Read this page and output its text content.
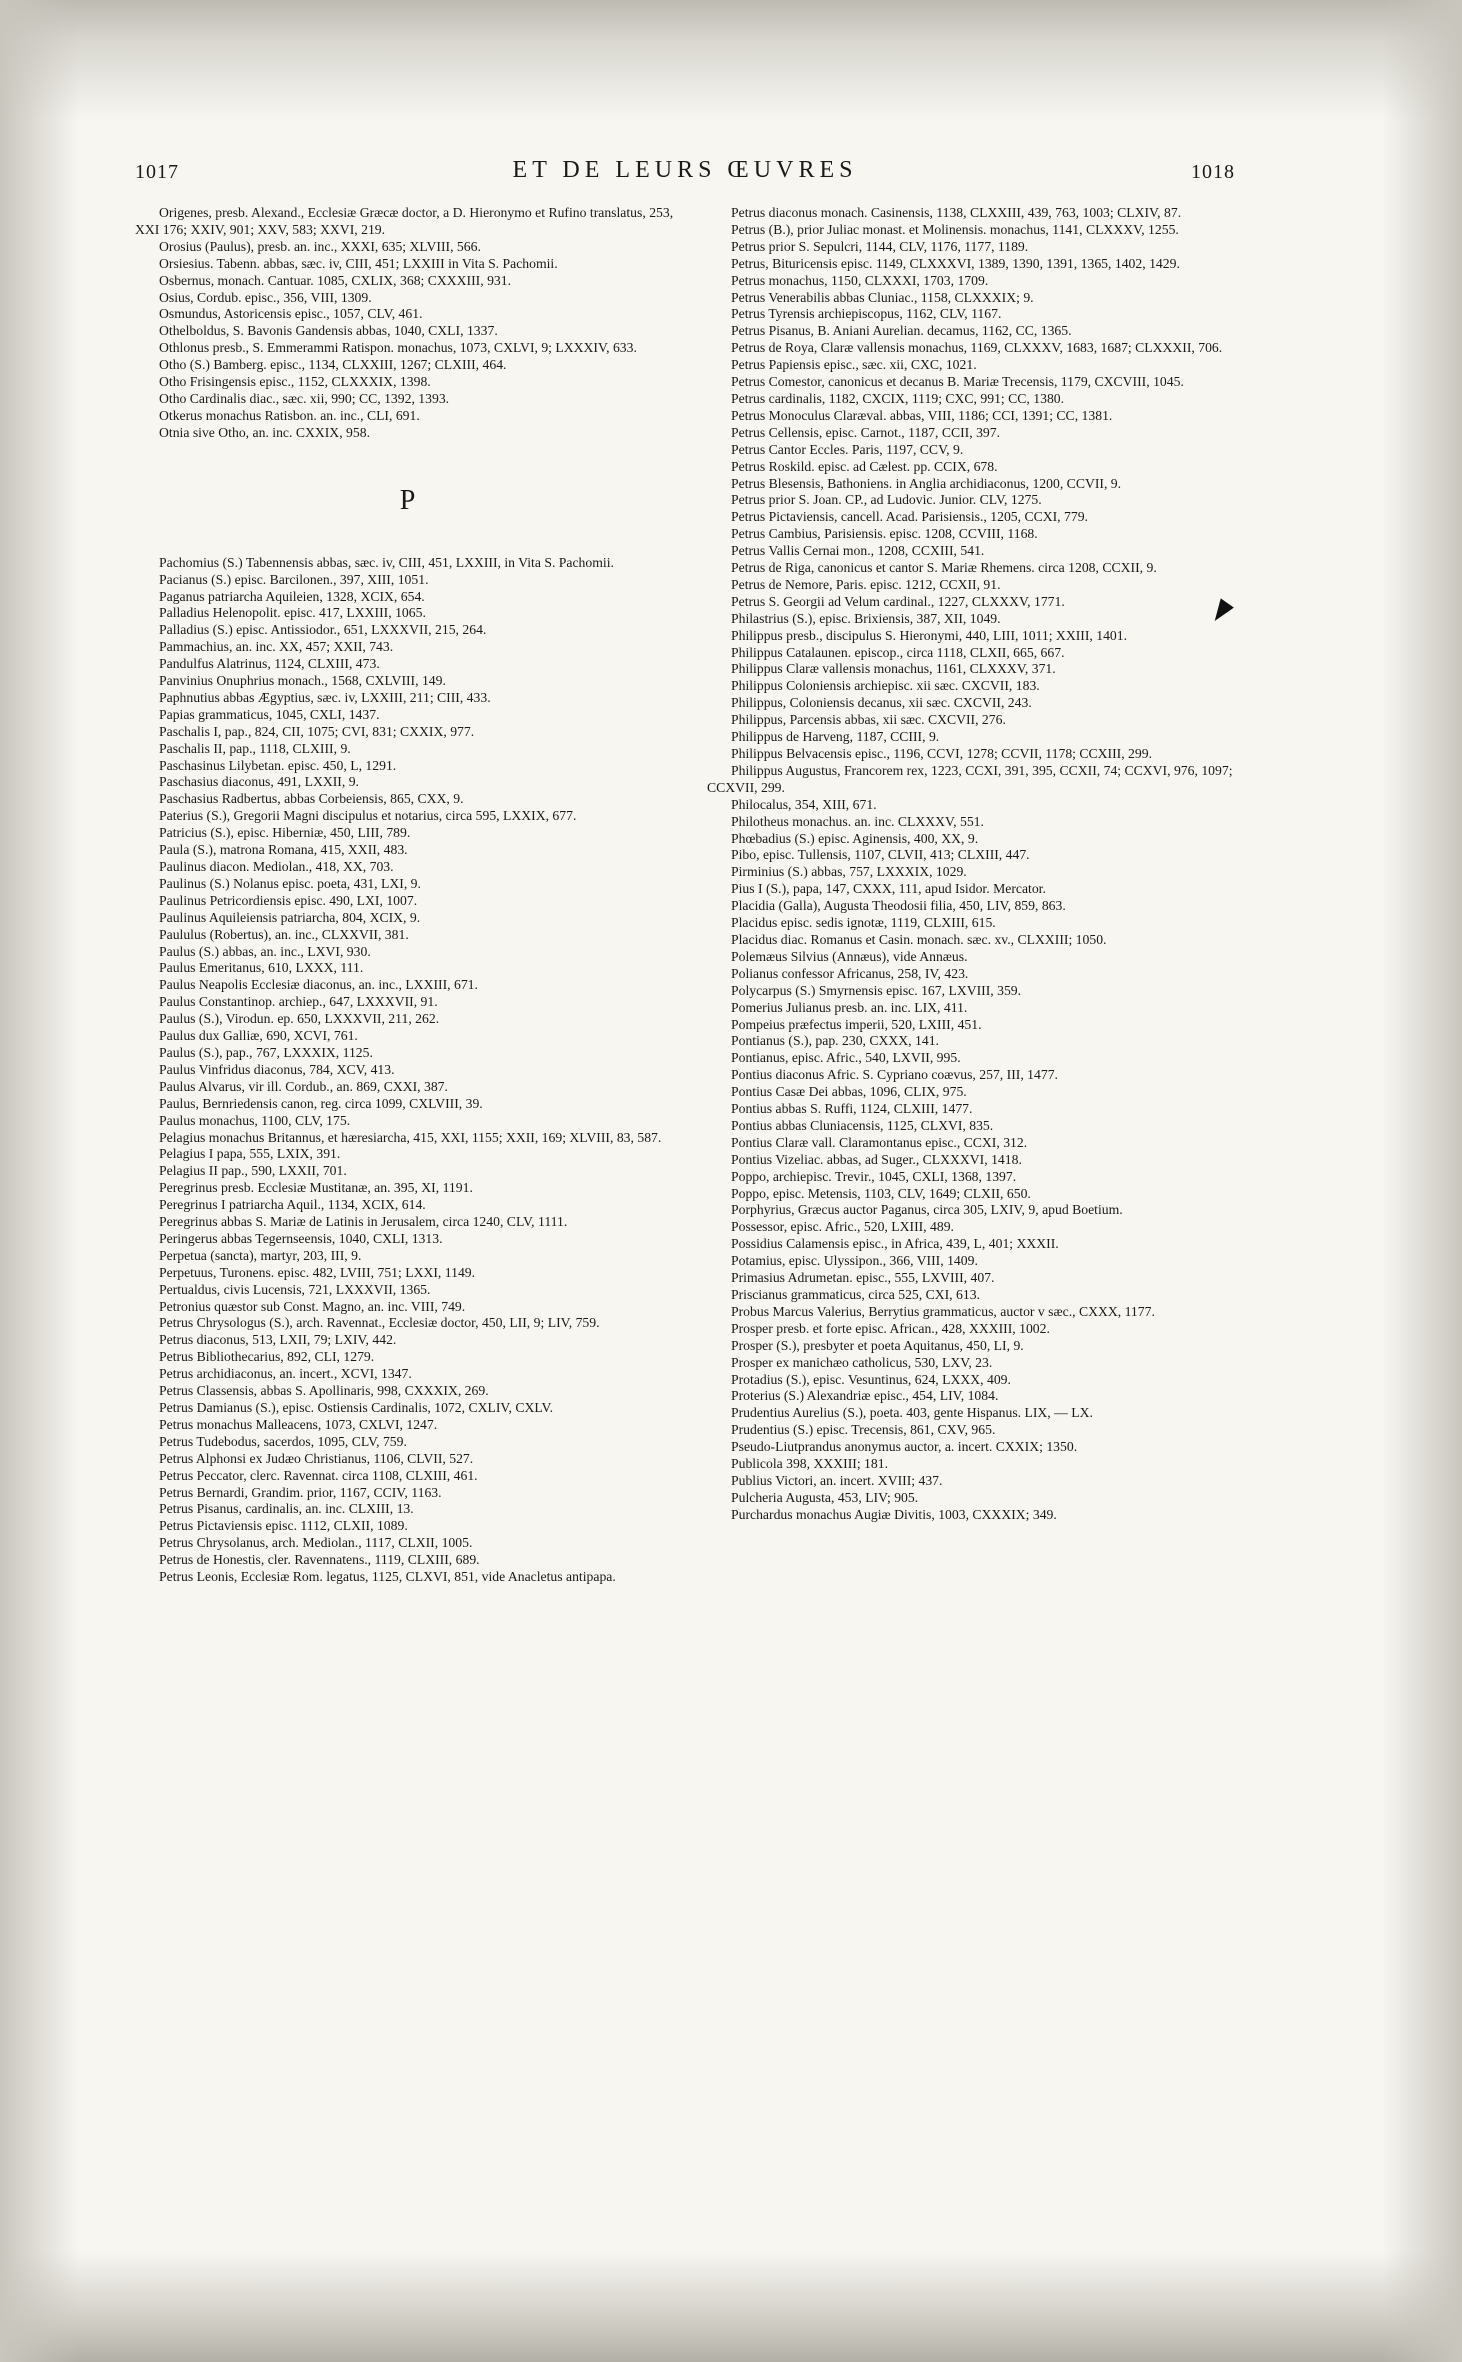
1017	ET DE LEURS ŒUVRES	1018

Origenes, presb. Alexand., Ecclesiæ Græcæ doctor, a D. Hieronymo et Rufino translatus, 253, XXI 176; XXIV, 901; XXV, 583; XXVI, 219.

Orosius (Paulus), presb. an. inc., XXXI, 635; XLVIII, 566.

Orsiesius. Tabenn. abbas, sæc. iv, CIII, 451; LXXIII in Vita S. Pachomii.

Osbernus, monach. Cantuar. 1085, CXLIX, 368; CXXXIII, 931.

Osius, Cordub. episc., 356, VIII, 1309.

Osmundus, Astoricensis episc., 1057, CLV, 461.

Othelboldus, S. Bavonis Gandensis abbas, 1040, CXLI, 1337.

Othlonus presb., S. Emmerammi Ratispon. monachus, 1073, CXLVI, 9; LXXXIV, 633.

Otho (S.) Bamberg. episc., 1134, CLXXIII, 1267; CLXIII, 464.

Otho Frisingensis episc., 1152, CLXXXIX, 1398.

Otho Cardinalis diac., sæc. xii, 990; CC, 1392, 1393.

Otkerus monachus Ratisbon. an. inc., CLI, 691.

Otnia sive Otho, an. inc. CXXIX, 958.

P

Pachomius (S.) Tabennensis abbas, sæc. iv, CIII, 451, LXXIII, in Vita S. Pachomii.

Pacianus (S.) episc. Barcilonen., 397, XIII, 1051.

Paganus patriarcha Aquileien, 1328, XCIX, 654.

Palladius Helenopolit. episc. 417, LXXIII, 1065.

Palladius (S.) episc. Antissiodor., 651, LXXXVII, 215, 264.

Pammachius, an. inc. XX, 457; XXII, 743.

Pandulfus Alatrinus, 1124, CLXIII, 473.

Panvinius Onuphrius monach., 1568, CXLVIII, 149.

Paphnutius abbas Ægyptius, sæc. iv, LXXIII, 211; CIII, 433.

Papias grammaticus, 1045, CXLI, 1437.

Paschalis I, pap., 824, CII, 1075; CVI, 831; CXXIX, 977.

Paschalis II, pap., 1118, CLXIII, 9.

Paschasinus Lilybetan. episc. 450, L, 1291.

Paschasius diaconus, 491, LXXII, 9.

Paschasius Radbertus, abbas Corbeiensis, 865, CXX, 9.

Paterius (S.), Gregorii Magni discipulus et notarius, circa 595, LXXIX, 677.

Patricius (S.), episc. Hiberniæ, 450, LIII, 789.

Paula (S.), matrona Romana, 415, XXII, 483.

Paulinus diacon. Mediolan., 418, XX, 703.

Paulinus (S.) Nolanus episc. poeta, 431, LXI, 9.

Paulinus Petricordiensis episc. 490, LXI, 1007.

Paulinus Aquileiensis patriarcha, 804, XCIX, 9.

Paululus (Robertus), an. inc., CLXXVII, 381.

Paulus (S.) abbas, an. inc., LXVI, 930.

Paulus Emeritanus, 610, LXXX, 111.

Paulus Neapolis Ecclesiæ diaconus, an. inc., LXXIII, 671.

Paulus Constantinop. archiep., 647, LXXXVII, 91.

Paulus (S.), Virodun. ep. 650, LXXXVII, 211, 262.

Paulus dux Galliæ, 690, XCVI, 761.

Paulus (S.), pap., 767, LXXXIX, 1125.

Paulus Vinfridus diaconus, 784, XCV, 413.

Paulus Alvarus, vir ill. Cordub., an. 869, CXXI, 387.

Paulus, Bernriedensis canon, reg. circa 1099, CXLVIII, 39.

Paulus monachus, 1100, CLV, 175.

Pelagius monachus Britannus, et hæresiarcha, 415, XXI, 1155; XXII, 169; XLVIII, 83, 587.

Pelagius I papa, 555, LXIX, 391.

Pelagius II pap., 590, LXXII, 701.

Peregrinus presb. Ecclesiæ Mustitanæ, an. 395, XI, 1191.

Peregrinus I patriarcha Aquil., 1134, XCIX, 614.

Peregrinus abbas S. Mariæ de Latinis in Jerusalem, circa 1240, CLV, 1111.

Peringerus abbas Tegernseensis, 1040, CXLI, 1313.

Perpetua (sancta), martyr, 203, III, 9.

Perpetuus, Turonens. episc. 482, LVIII, 751; LXXI, 1149.

Pertualdus, civis Lucensis, 721, LXXXVII, 1365.

Petronius quæstor sub Const. Magno, an. inc. VIII, 749.

Petrus Chrysologus (S.), arch. Ravennat., Ecclesiæ doctor, 450, LII, 9; LIV, 759.

Petrus diaconus, 513, LXII, 79; LXIV, 442.

Petrus Bibliothecarius, 892, CLI, 1279.

Petrus archidiaconus, an. incert., XCVI, 1347.

Petrus Classensis, abbas S. Apollinaris, 998, CXXXIX, 269.

Petrus Damianus (S.), episc. Ostiensis Cardinalis, 1072, CXLIV, CXLV.

Petrus monachus Malleacens, 1073, CXLVI, 1247.

Petrus Tudebodus, sacerdos, 1095, CLV, 759.

Petrus Alphonsi ex Judæo Christianus, 1106, CLVII, 527.

Petrus Peccator, clerc. Ravennat. circa 1108, CLXIII, 461.

Petrus Bernardi, Grandim. prior, 1167, CCIV, 1163.

Petrus Pisanus, cardinalis, an. inc. CLXIII, 13.

Petrus Pictaviensis episc. 1112, CLXII, 1089.

Petrus Chrysolanus, arch. Mediolan., 1117, CLXII, 1005.

Petrus de Honestis, cler. Ravennatens., 1119, CLXIII, 689.

Petrus Leonis, Ecclesiæ Rom. legatus, 1125, CLXVI, 851, vide Anacletus antipapa.

Petrus diaconus monach. Casinensis, 1138, CLXXIII, 439, 763, 1003; CLXIV, 87.

Petrus (B.), prior Juliac monast. et Molinensis. monachus, 1141, CLXXXV, 1255.

Petrus prior S. Sepulcri, 1144, CLV, 1176, 1177, 1189.

Petrus, Bituricensis episc. 1149, CLXXXVI, 1389, 1390, 1391, 1365, 1402, 1429.

Petrus monachus, 1150, CLXXXI, 1703, 1709.

Petrus Venerabilis abbas Cluniac., 1158, CLXXXIX; 9.

Petrus Tyrensis archiepiscopus, 1162, CLV, 1167.

Petrus Pisanus, B. Aniani Aurelian. decamus, 1162, CC, 1365.

Petrus de Roya, Claræ vallensis monachus, 1169, CLXXXV, 1683, 1687; CLXXXII, 706.

Petrus Papiensis episc., sæc. xii, CXC, 1021.

Petrus Comestor, canonicus et decanus B. Mariæ Trecensis, 1179, CXCVIII, 1045.

Petrus cardinalis, 1182, CXCIX, 1119; CXC, 991; CC, 1380.

Petrus Monoculus Claræval. abbas, VIII, 1186; CCI, 1391; CC, 1381.

Petrus Cellensis, episc. Carnot., 1187, CCII, 397.

Petrus Cantor Eccles. Paris, 1197, CCV, 9.

Petrus Roskild. episc. ad Cælest. pp. CCIX, 678.

Petrus Blesensis, Bathoniens. in Anglia archidiaconus, 1200, CCVII, 9.

Petrus prior S. Joan. CP., ad Ludovic. Junior. CLV, 1275.

Petrus Pictaviensis, cancell. Acad. Parisiensis., 1205, CCXI, 779.

Petrus Cambius, Parisiensis. episc. 1208, CCVIII, 1168.

Petrus Vallis Cernai mon., 1208, CCXIII, 541.

Petrus de Riga, canonicus et cantor S. Mariæ Rhemens. circa 1208, CCXII, 9.

Petrus de Nemore, Paris. episc. 1212, CCXII, 91.

Petrus S. Georgii ad Velum cardinal., 1227, CLXXXV, 1771.

Philastrius (S.), episc. Brixiensis, 387, XII, 1049.

Philippus presb., discipulus S. Hieronymi, 440, LIII, 1011; XXIII, 1401.

Philippus Catalaunen. episcop., circa 1118, CLXII, 665, 667.

Philippus Claræ vallensis monachus, 1161, CLXXXV, 371.

Philippus Coloniensis archiepisc. xii sæc. CXCVII, 183.

Philippus, Coloniensis decanus, xii sæc. CXCVII, 243.

Philippus, Parcensis abbas, xii sæc. CXCVII, 276.

Philippus de Harveng, 1187, CCIII, 9.

Philippus Belvacensis episc., 1196, CCVI, 1278; CCVII, 1178; CCXIII, 299.

Philippus Augustus, Francorem rex, 1223, CCXI, 391, 395, CCXII, 74; CCXVI, 976, 1097; CCXVII, 299.

Philocalus, 354, XIII, 671.

Philotheus monachus. an. inc. CLXXXV, 551.

Phœbadius (S.) episc. Aginensis, 400, XX, 9.

Pibo, episc. Tullensis, 1107, CLVII, 413; CLXIII, 447.

Pirminius (S.) abbas, 757, LXXXIX, 1029.

Pius I (S.), papa, 147, CXXX, 111, apud Isidor. Mercator.

Placidia (Galla), Augusta Theodosii filia, 450, LIV, 859, 863.

Placidus episc. sedis ignotæ, 1119, CLXIII, 615.

Placidus diac. Romanus et Casin. monach. sæc. xv., CLXXIII; 1050.

Polemæus Silvius (Annæus), vide Annæus.

Polianus confessor Africanus, 258, IV, 423.

Polycarpus (S.) Smyrnensis episc. 167, LXVIII, 359.

Pomerius Julianus presb. an. inc. LIX, 411.

Pompeius præfectus imperii, 520, LXIII, 451.

Pontianus (S.), pap. 230, CXXX, 141.

Pontianus, episc. Afric., 540, LXVII, 995.

Pontius diaconus Afric. S. Cypriano coævus, 257, III, 1477.

Pontius Casæ Dei abbas, 1096, CLIX, 975.

Pontius abbas S. Ruffi, 1124, CLXIII, 1477.

Pontius abbas Cluniacensis, 1125, CLXVI, 835.

Pontius Claræ vall. Claramontanus episc., CCXI, 312.

Pontius Vizeliac. abbas, ad Suger., CLXXXVI, 1418.

Poppo, archiepisc. Trevir., 1045, CXLI, 1368, 1397.

Poppo, episc. Metensis, 1103, CLV, 1649; CLXII, 650.

Porphyrius, Græcus auctor Paganus, circa 305, LXIV, 9, apud Boetium.

Possessor, episc. Afric., 520, LXIII, 489.

Possidius Calamensis episc., in Africa, 439, L, 401; XXXII.

Potamius, episc. Ulyssipon., 366, VIII, 1409.

Primasius Adrumetan. episc., 555, LXVIII, 407.

Priscianus grammaticus, circa 525, CXI, 613.

Probus Marcus Valerius, Berrytius grammaticus, auctor v sæc., CXXX, 1177.

Prosper presb. et forte episc. African., 428, XXXIII, 1002.

Prosper (S.), presbyter et poeta Aquitanus, 450, LI, 9.

Prosper ex manichæo catholicus, 530, LXV, 23.

Protadius (S.), episc. Vesuntinus, 624, LXXX, 409.

Proterius (S.) Alexandriæ episc., 454, LIV, 1084.

Prudentius Aurelius (S.), poeta. 403, gente Hispanus. LIX, — LX.

Prudentius (S.) episc. Trecensis, 861, CXV, 965.

Pseudo-Liutprandus anonymus auctor, a. incert. CXXIX; 1350.

Publicola 398, XXXIII; 181.

Publius Victori, an. incert. XVIII; 437.

Pulcheria Augusta, 453, LIV; 905.

Purchardus monachus Augiæ Divitis, 1003, CXXXIX; 349.
